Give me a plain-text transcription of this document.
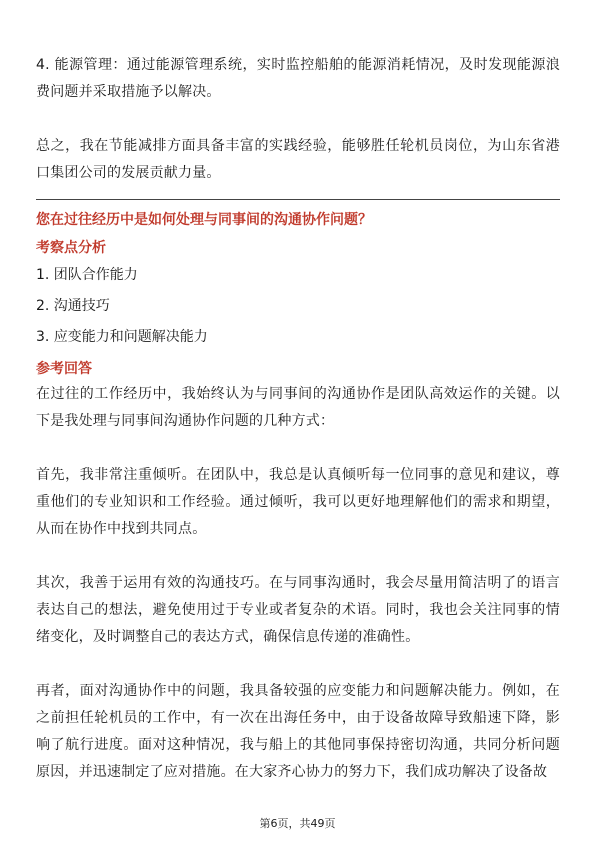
4. 能源管理：通过能源管理系统，实时监控船舶的能源消耗情况，及时发现能源浪费问题并采取措施予以解决。

总之，我在节能减排方面具备丰富的实践经验，能够胜任轮机员岗位，为山东省港口集团公司的发展贡献力量。

您在过往经历中是如何处理与同事间的沟通协作问题？

考察点分析

1. 团队合作能力

2. 沟通技巧

3. 应变能力和问题解决能力

参考回答

在过往的工作经历中，我始终认为与同事间的沟通协作是团队高效运作的关键。以下是我处理与同事间沟通协作问题的几种方式：

首先，我非常注重倾听。在团队中，我总是认真倾听每一位同事的意见和建议，尊重他们的专业知识和工作经验。通过倾听，我可以更好地理解他们的需求和期望，从而在协作中找到共同点。

其次，我善于运用有效的沟通技巧。在与同事沟通时，我会尽量用简洁明了的语言表达自己的想法，避免使用过于专业或者复杂的术语。同时，我也会关注同事的情绪变化，及时调整自己的表达方式，确保信息传递的准确性。

再者，面对沟通协作中的问题，我具备较强的应变能力和问题解决能力。例如，在之前担任轮机员的工作中，有一次在出海任务中，由于设备故障导致船速下降，影响了航行进度。面对这种情况，我与船上的其他同事保持密切沟通，共同分析问题原因，并迅速制定了应对措施。在大家齐心协力的努力下，我们成功解决了设备故

第6页，共49页
